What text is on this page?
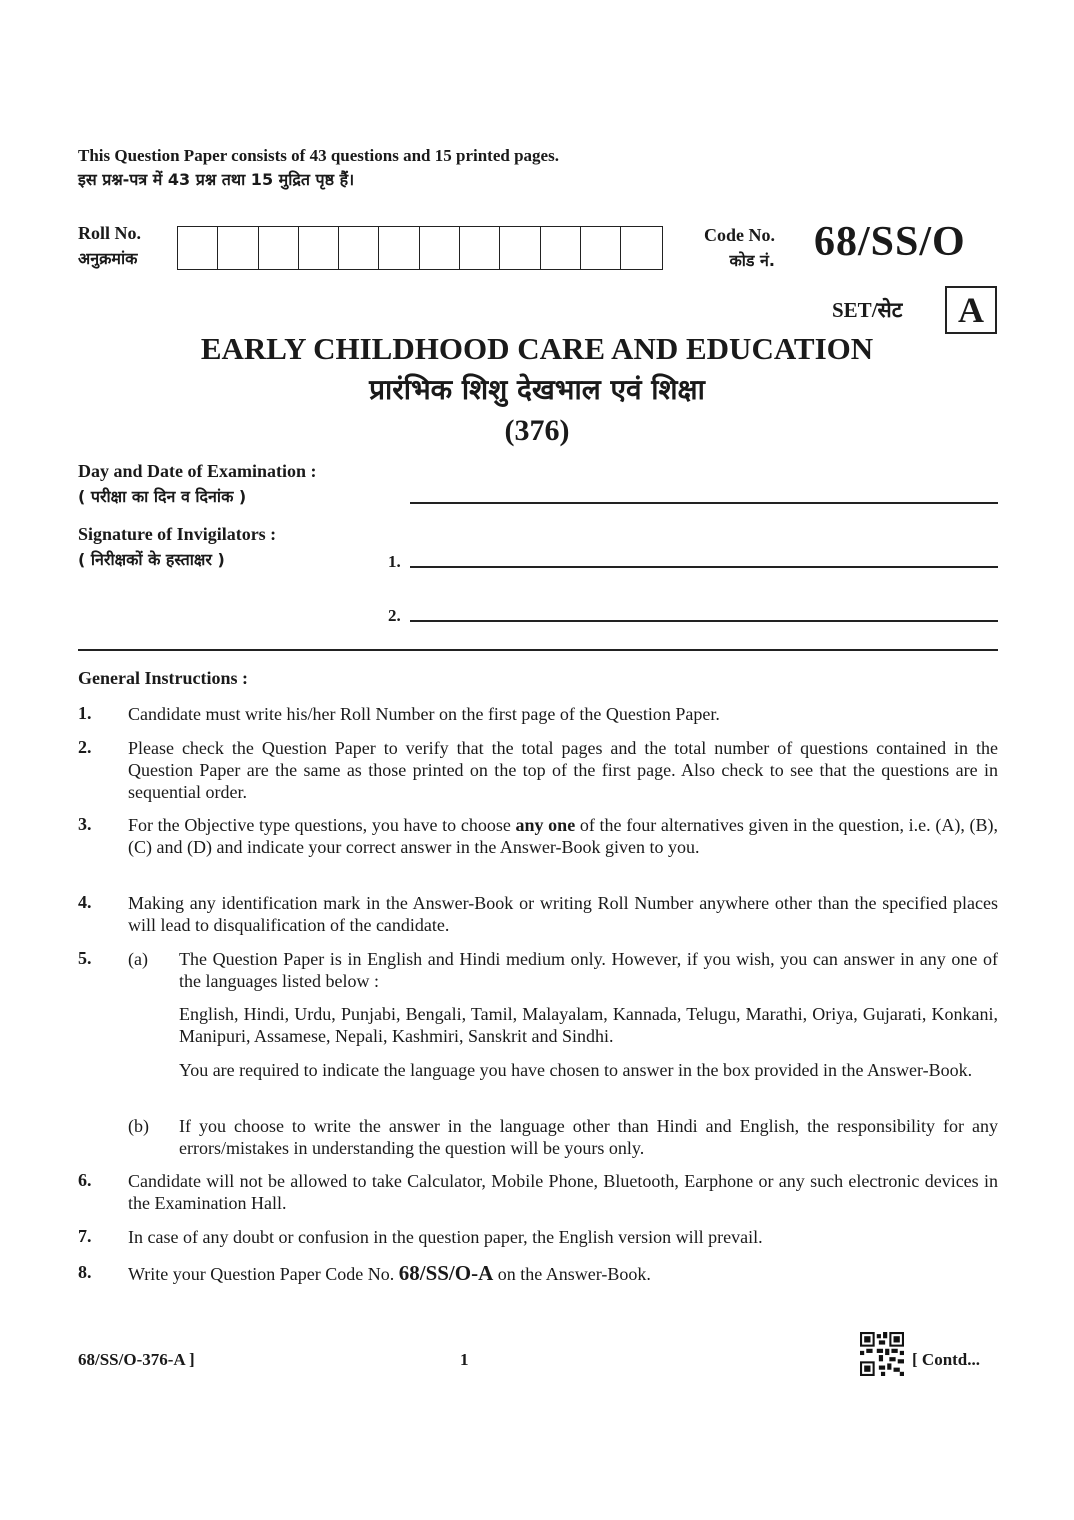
This Question Paper consists of 43 questions and 15 printed pages.
इस प्रश्न-पत्र में 43 प्रश्न तथा 15 मुद्रित पृष्ठ हैं।
Roll No.
अनुक्रमांक
Code No.
कोड नं. 68/SS/O
SET/सेट	A
EARLY CHILDHOOD CARE AND EDUCATION
प्रारंभिक शिशु देखभाल एवं शिक्षा
(376)
Day and Date of Examination :
( परीक्षा का दिन व दिनांक )
Signature of Invigilators :
( निरीक्षकों के हस्ताक्षर )	1.
2.
General Instructions :
1. Candidate must write his/her Roll Number on the first page of the Question Paper.
2. Please check the Question Paper to verify that the total pages and the total number of questions contained in the Question Paper are the same as those printed on the top of the first page. Also check to see that the questions are in sequential order.
3. For the Objective type questions, you have to choose any one of the four alternatives given in the question, i.e. (A), (B), (C) and (D) and indicate your correct answer in the Answer-Book given to you.
4. Making any identification mark in the Answer-Book or writing Roll Number anywhere other than the specified places will lead to disqualification of the candidate.
5. (a) The Question Paper is in English and Hindi medium only. However, if you wish, you can answer in any one of the languages listed below :
English, Hindi, Urdu, Punjabi, Bengali, Tamil, Malayalam, Kannada, Telugu, Marathi, Oriya, Gujarati, Konkani, Manipuri, Assamese, Nepali, Kashmiri, Sanskrit and Sindhi.
You are required to indicate the language you have chosen to answer in the box provided in the Answer-Book.
(b) If you choose to write the answer in the language other than Hindi and English, the responsibility for any errors/mistakes in understanding the question will be yours only.
6. Candidate will not be allowed to take Calculator, Mobile Phone, Bluetooth, Earphone or any such electronic devices in the Examination Hall.
7. In case of any doubt or confusion in the question paper, the English version will prevail.
8. Write your Question Paper Code No. 68/SS/O-A on the Answer-Book.
68/SS/O-376-A ]	1	[ Contd...
